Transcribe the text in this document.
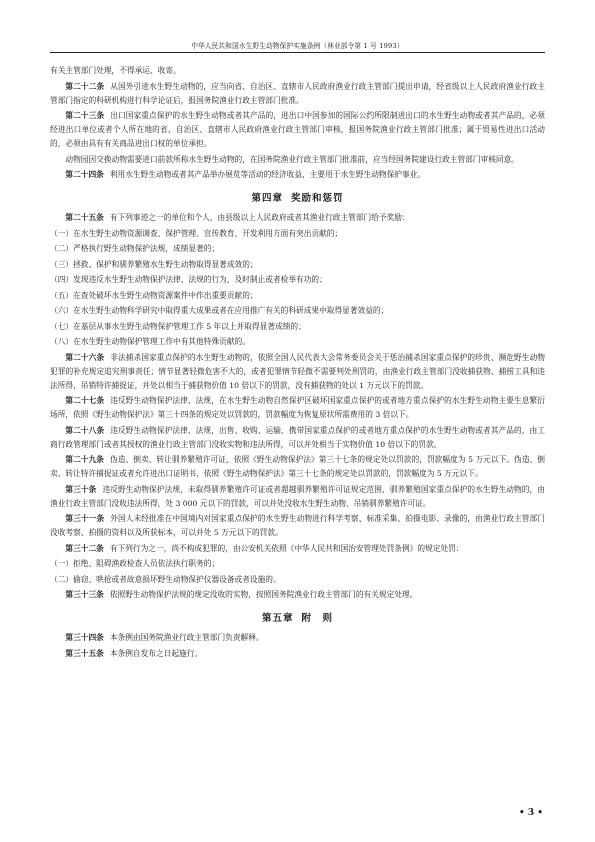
中华人民共和国水生野生动物保护实施条例（林业部令第 1 号 1993）

有关主管部门处理，不得承运、收寄。

第二十二条 从国外引进水生野生动物的，应当向省、自治区、直辖市人民政府渔业行政主管部门提出申请，经省级以上人民政府渔业行政主管部门指定的科研机构进行科学论证后，报国务院渔业行政主管部门批准。

第二十三条 出口国家重点保护的水生野生动物或者其产品的，进出口中国参加的国际公约所限制进出口的水生野生动物或者其产品的，必须经进出口单位或者个人所在地的省、自治区、直辖市人民政府渔业行政主管部门审核，报国务院渔业行政主管部门批准；属于贸易性进出口活动的，必须由具有有关商品进出口权的单位承担。

动物园因交换动物需要进口前款所称水生野生动物的，在国务院渔业行政主管部门批准前，应当经国务院建设行政主管部门审核同意。

第二十四条 利用水生野生动物或者其产品举办展览等活动的经济收益，主要用于水生野生动物保护事业。

第四章 奖励和惩罚

第二十五条 有下列事迹之一的单位和个人，由县级以上人民政府或者其渔业行政主管部门给予奖励：

（一）在水生野生动物资源调查、保护管理、宣传教育、开发利用方面有突出贡献的；

（二）严格执行野生动物保护法规，成绩显著的；

（三）拯救、保护和驯养繁殖水生野生动物取得显著成效的；

（四）发现违反水生野生动物保护法律、法规的行为，及时制止或者检举有功的；

（五）在查处破坏水生野生动物资源案件中作出重要贡献的；

（六）在水生野生动物科学研究中取得重大成果或者在应用推广有关的科研成果中取得显著效益的；

（七）在基层从事水生野生动物保护管理工作 5 年以上并取得显著成绩的；

（八）在水生野生动物保护管理工作中有其他特殊贡献的。

第二十六条 非法捕杀国家重点保护的水生野生动物的，依照全国人民代表大会常务委员会关于惩治捕杀国家重点保护的珍贵、濒危野生动物犯罪的补充规定追究刑事责任；情节显著轻微危害不大的，或者犯罪情节轻微不需要判处刑罚的，由渔业行政主管部门没收捕获物、捕捞工具和违法所得，吊销特许捕捉证，并处以相当于捕获物价值 10 倍以下的罚款，没有捕获物的处以 1 万元以下的罚款。

第二十七条 违反野生动物保护法律、法规，在水生野生动物自然保护区破坏国家重点保护的或者地方重点保护的水生野生动物主要生息繁衍场所，依照《野生动物保护法》第三十四条的规定处以罚款的，罚款幅度为恢复原状所需费用的 3 倍以下。

第二十八条 违反野生动物保护法律、法规，出售、收购、运输、携带国家重点保护的或者地方重点保护的水生野生动物或者其产品的，由工商行政管理部门或者其授权的渔业行政主管部门没收实物和违法所得，可以并处相当于实物价值 10 倍以下的罚款。

第二十九条 伪造、倒卖、转让驯养繁殖许可证，依照《野生动物保护法》第三十七条的规定处以罚款的，罚款幅度为 5 万元以下。伪造、倒卖、转让特许捕捉证或者允许进出口证明书，依照《野生动物保护法》第三十七条的规定处以罚款的，罚款幅度为 5 万元以下。

第三十条 违反野生动物保护法规，未取得驯养繁殖许可证或者超越驯养繁殖许可证规定范围，驯养繁殖国家重点保护的水生野生动物的，由渔业行政主管部门没收违法所得，处 3 000 元以下的罚款，可以并处没收水生野生动物、吊销驯养繁殖许可证。

第三十一条 外国人未经批准在中国境内对国家重点保护的水生野生动物进行科学考察、标准采集、拍摄电影、录像的，由渔业行政主管部门没收考察、拍摄的资料以及所获标本，可以并处 5 万元以下的罚款。

第三十二条 有下列行为之一，尚不构成犯罪的，由公安机关依照《中华人民共和国治安管理处罚条例》的规定处罚：

（一）拒绝、阻碍渔政检查人员依法执行职务的；

（二）偷窃、哄抢或者故意损坏野生动物保护仪器设备或者设施的。

第三十三条 依照野生动物保护法规的规定没收的实物，按照国务院渔业行政主管部门的有关规定处理。

第五章 附　则

第三十四条 本条例由国务院渔业行政主管部门负责解释。

第三十五条 本条例自发布之日起施行。

• 3 •
